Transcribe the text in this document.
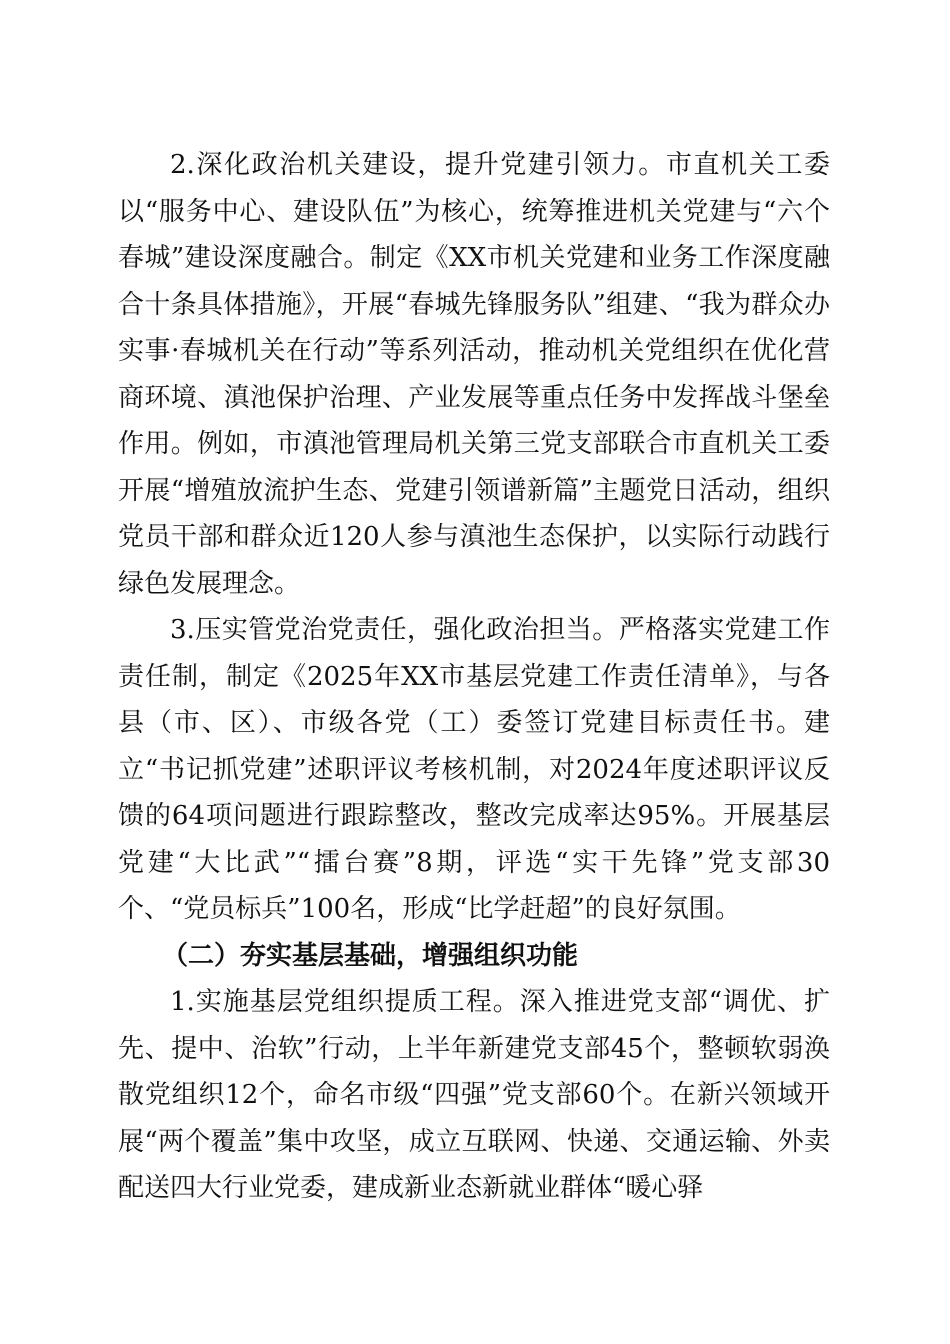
2.深化政治机关建设，提升党建引领力。市直机关工委以“服务中心、建设队伍”为核心，统筹推进机关党建与“六个春城”建设深度融合。制定《XX市机关党建和业务工作深度融合十条具体措施》，开展“春城先锋服务队”组建、“我为群众办实事·春城机关在行动”等系列活动，推动机关党组织在优化营商环境、滇池保护治理、产业发展等重点任务中发挥战斗堡垒作用。例如，市滇池管理局机关第三党支部联合市直机关工委开展“增殖放流护生态、党建引领谱新篇”主题党日活动，组织党员干部和群众近120人参与滇池生态保护，以实际行动践行绿色发展理念。

3.压实管党治党责任，强化政治担当。严格落实党建工作责任制，制定《2025年XX市基层党建工作责任清单》，与各县（市、区）、市级各党（工）委签订党建目标责任书。建立“书记抓党建”述职评议考核机制，对2024年度述职评议反馈的64项问题进行跟踪整改，整改完成率达95%。开展基层党建“大比武”“擂台赛”8期，评选“实干先锋”党支部30个、“党员标兵”100名，形成“比学赶超”的良好氛围。

（二）夯实基层基础，增强组织功能

1.实施基层党组织提质工程。深入推进党支部“调优、扩先、提中、治软”行动，上半年新建党支部45个，整顿软弱涣散党组织12个，命名市级“四强”党支部60个。在新兴领域开展“两个覆盖”集中攻坚，成立互联网、快递、交通运输、外卖配送四大行业党委，建成新业态新就业群体“暖心驿
